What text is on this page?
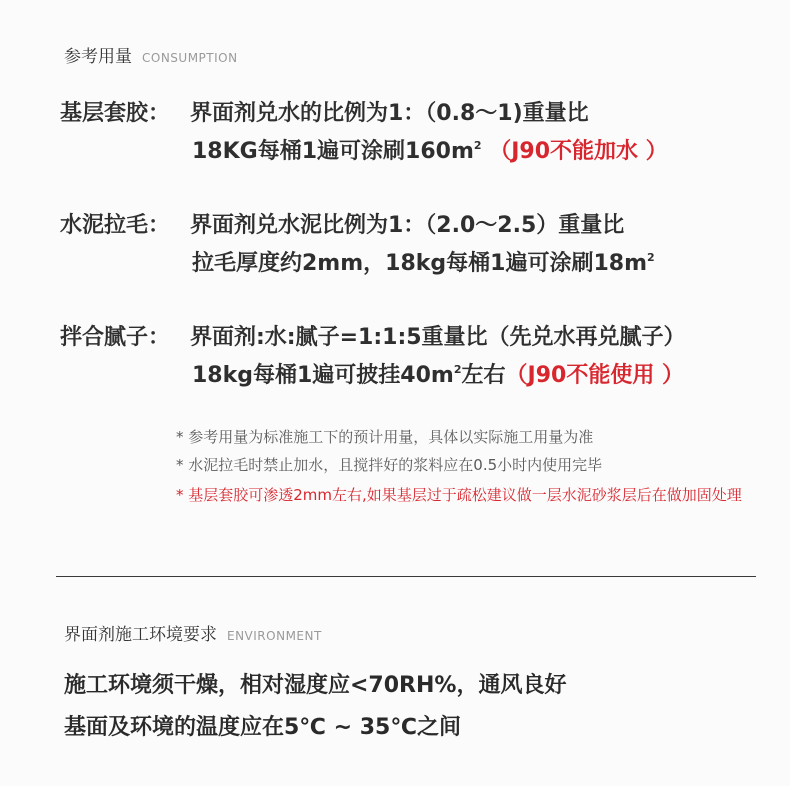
参考用量 CONSUMPTION
基层套胶： 界面剂兑水的比例为1：（0.8～1)重量比
18KG每桶1遍可涂刷$160m^2$ （J90不能加水 ）
水泥拉毛： 界面剂兑水泥比例为1：（2.0～2.5）重量比
拉毛厚度约2mm，18kg每桶1遍可涂刷$18m^2$
拌合腻子： 界面剂:水:腻子=1:1:5重量比（先兑水再兑腻子）
18kg每桶1遍可披挂$40m^2$左右（J90不能使用 ）
* 参考用量为标准施工下的预计用量，具体以实际施工用量为准
* 水泥拉毛时禁止加水，且搅拌好的浆料应在0.5小时内使用完毕
* 基层套胶可渗透2mm左右,如果基层过于疏松建议做一层水泥砂浆层后在做加固处理
界面剂施工环境要求 ENVIRONMENT
施工环境须干燥，相对湿度应<70RH%，通风良好
基面及环境的温度应在5℃ ~ 35℃之间
